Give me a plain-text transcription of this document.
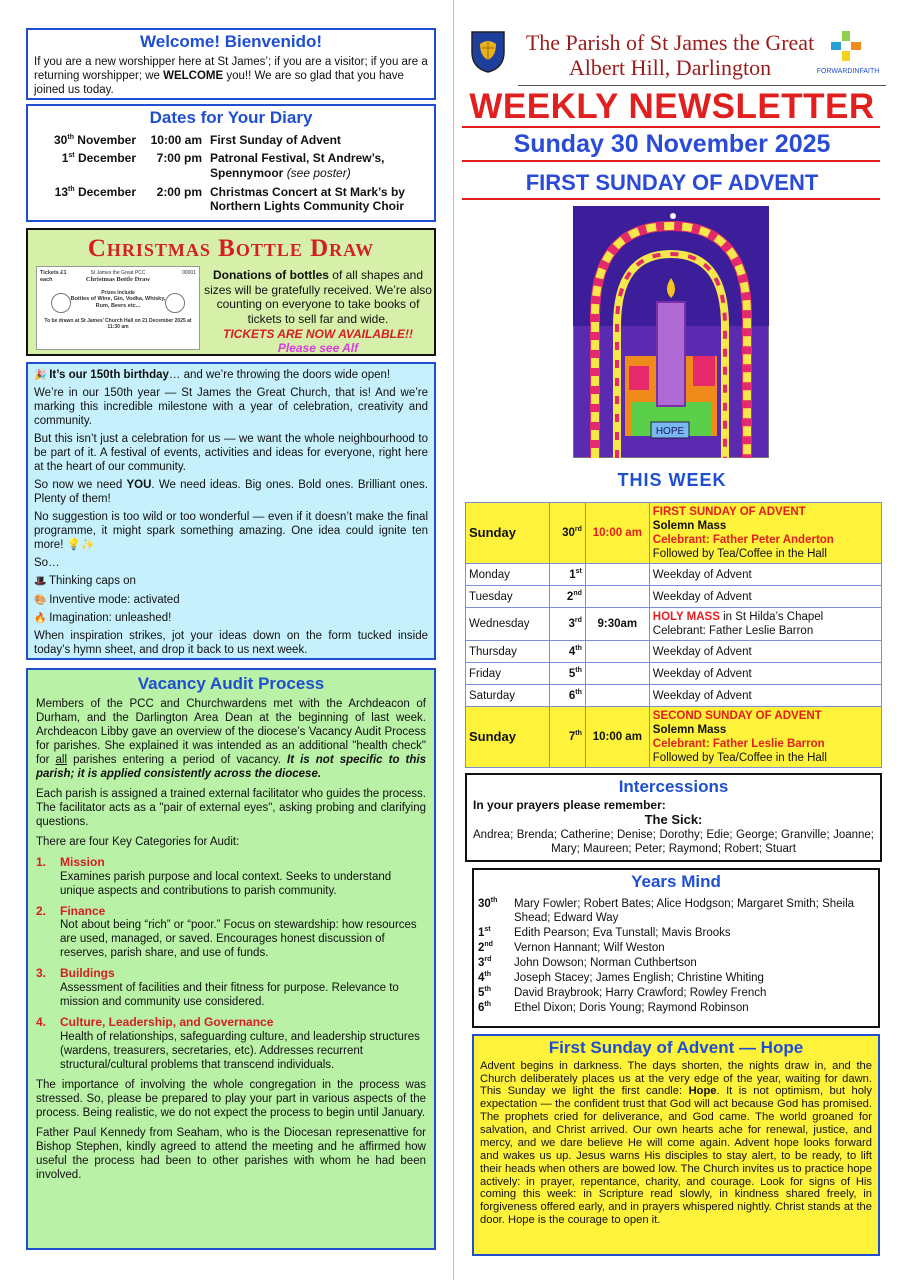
Welcome! Bienvenido!

If you are a new worshipper here at St James’; if you are a visitor; if you are a returning worshipper; we WELCOME you!! We are so glad that you have joined us today.

Dates for Your Diary
30th November	10:00 am First Sunday of Advent
1st December	7:00 pm Patronal Festival, St Andrew’s, Spennymoor (see poster)
13th December	2:00 pm Christmas Concert at St Mark’s by Northern Lights Community Choir
Christmas Bottle Draw
Tickets £1 each
00001
St James the Great PCC
Christmas Bottle Draw
Prizes Include
Bottles of Wine, Gin, Vodka, Whisky, Rum, Beers etc...
To be drawn at St James’ Church Hall on 21 December 2025 at 11:30 am
Donations of bottles of all shapes and sizes will be gratefully received. We’re also counting on everyone to take books of tickets to sell far and wide.
TICKETS ARE NOW AVAILABLE!!
Please see Alf

🎉 It’s our 150th birthday… and we’re throwing the doors wide open!

We’re in our 150th year — St James the Great Church, that is! And we’re marking this incredible milestone with a year of celebration, creativity and community.

But this isn’t just a celebration for us — we want the whole neighbourhood to be part of it. A festival of events, activities and ideas for everyone, right here at the heart of our community.

So now we need YOU. We need ideas. Big ones. Bold ones. Brilliant ones. Plenty of them!

No suggestion is too wild or too wonderful — even if it doesn’t make the final programme, it might spark something amazing. One idea could ignite ten more! 💡✨

So…

🎩 Thinking caps on

🎨 Inventive mode: activated

🔥 Imagination: unleashed!

When inspiration strikes, jot your ideas down on the form tucked inside today’s hymn sheet, and drop it back to us next week.

Vacancy Audit Process

Members of the PCC and Churchwardens met with the Archdeacon of Durham, and the Darlington Area Dean at the beginning of last week. Archdeacon Libby gave an overview of the diocese’s Vacancy Audit Process for parishes. She explained it was intended as an additional "health check" for all parishes entering a period of vacancy. It is not specific to this parish; it is applied consistently across the diocese.

Each parish is assigned a trained external facilitator who guides the process. The facilitator acts as a "pair of external eyes", asking probing and clarifying questions.

There are four Key Categories for Audit:

1. Mission
Examines parish purpose and local context. Seeks to understand unique aspects and contributions to parish community.
2. Finance
Not about being “rich” or “poor.” Focus on stewardship: how resources are used, managed, or saved. Encourages honest discussion of reserves, parish share, and use of funds.
3. Buildings
Assessment of facilities and their fitness for purpose. Relevance to mission and community use considered.
4. Culture, Leadership, and Governance
Health of relationships, safeguarding culture, and leadership structures (wardens, treasurers, secretaries, etc). Addresses recurrent structural/cultural problems that transcend individuals.

The importance of involving the whole congregation in the process was stressed. So, please be prepared to play your part in various aspects of the process. Being realistic, we do not expect the process to begin until January.

Father Paul Kennedy from Seaham, who is the Diocesan represenattive for Bishop Stephen, kindly agreed to attend the meeting and he affirmed how useful the process had been to other parishes with whom he had been involved.

The Parish of St James the Great
Albert Hill, Darlington	FORWARDINFAITH
WEEKLY NEWSLETTER
Sunday 30 November 2025
FIRST SUNDAY OF ADVENT
HOPE
THIS WEEK
Sunday	30rd	10:00 am	FIRST SUNDAY OF ADVENT
Solemn Mass
Celebrant: Father Peter Anderton
Followed by Tea/Coffee in the Hall

Monday	1st		Weekday of Advent
Tuesday	2nd		Weekday of Advent
Wednesday	3rd	9:30am	HOLY MASS in St Hilda’s Chapel
Celebrant: Father Leslie Barron

Thursday	4th		Weekday of Advent
Friday	5th		Weekday of Advent
Saturday	6th		Weekday of Advent
Sunday	7th	10:00 am	SECOND SUNDAY OF ADVENT
Solemn Mass
Celebrant: Father Leslie Barron
Followed by Tea/Coffee in the Hall
Intercessions
In your prayers please remember:
The Sick:
Andrea; Brenda; Catherine; Denise; Dorothy; Edie; George; Granville; Joanne; Mary; Maureen; Peter; Raymond; Robert; Stuart
Years Mind
30th	Mary Fowler; Robert Bates; Alice Hodgson; Margaret Smith; Sheila Shead; Edward Way
1st	Edith Pearson; Eva Tunstall; Mavis Brooks
2nd	Vernon Hannant; Wilf Weston
3rd	John Dowson; Norman Cuthbertson
4th	Joseph Stacey; James English; Christine Whiting
5th	David Braybrook; Harry Crawford; Rowley French
6th	Ethel Dixon; Doris Young; Raymond Robinson
First Sunday of Advent — Hope

Advent begins in darkness. The days shorten, the nights draw in, and the Church deliberately places us at the very edge of the year, waiting for dawn. This Sunday we light the first candle: Hope. It is not optimism, but holy expectation — the confident trust that God will act because God has promised. The prophets cried for deliverance, and God came. The world groaned for salvation, and Christ arrived. Our own hearts ache for renewal, justice, and mercy, and we dare believe He will come again. Advent hope looks forward and wakes us up. Jesus warns His disciples to stay alert, to be ready, to lift their heads when others are bowed low. The Church invites us to practice hope actively: in prayer, repentance, charity, and courage. Look for signs of His coming this week: in Scripture read slowly, in kindness shared freely, in forgiveness offered early, and in prayers whispered nightly. Christ stands at the door. Hope is the courage to open it.
